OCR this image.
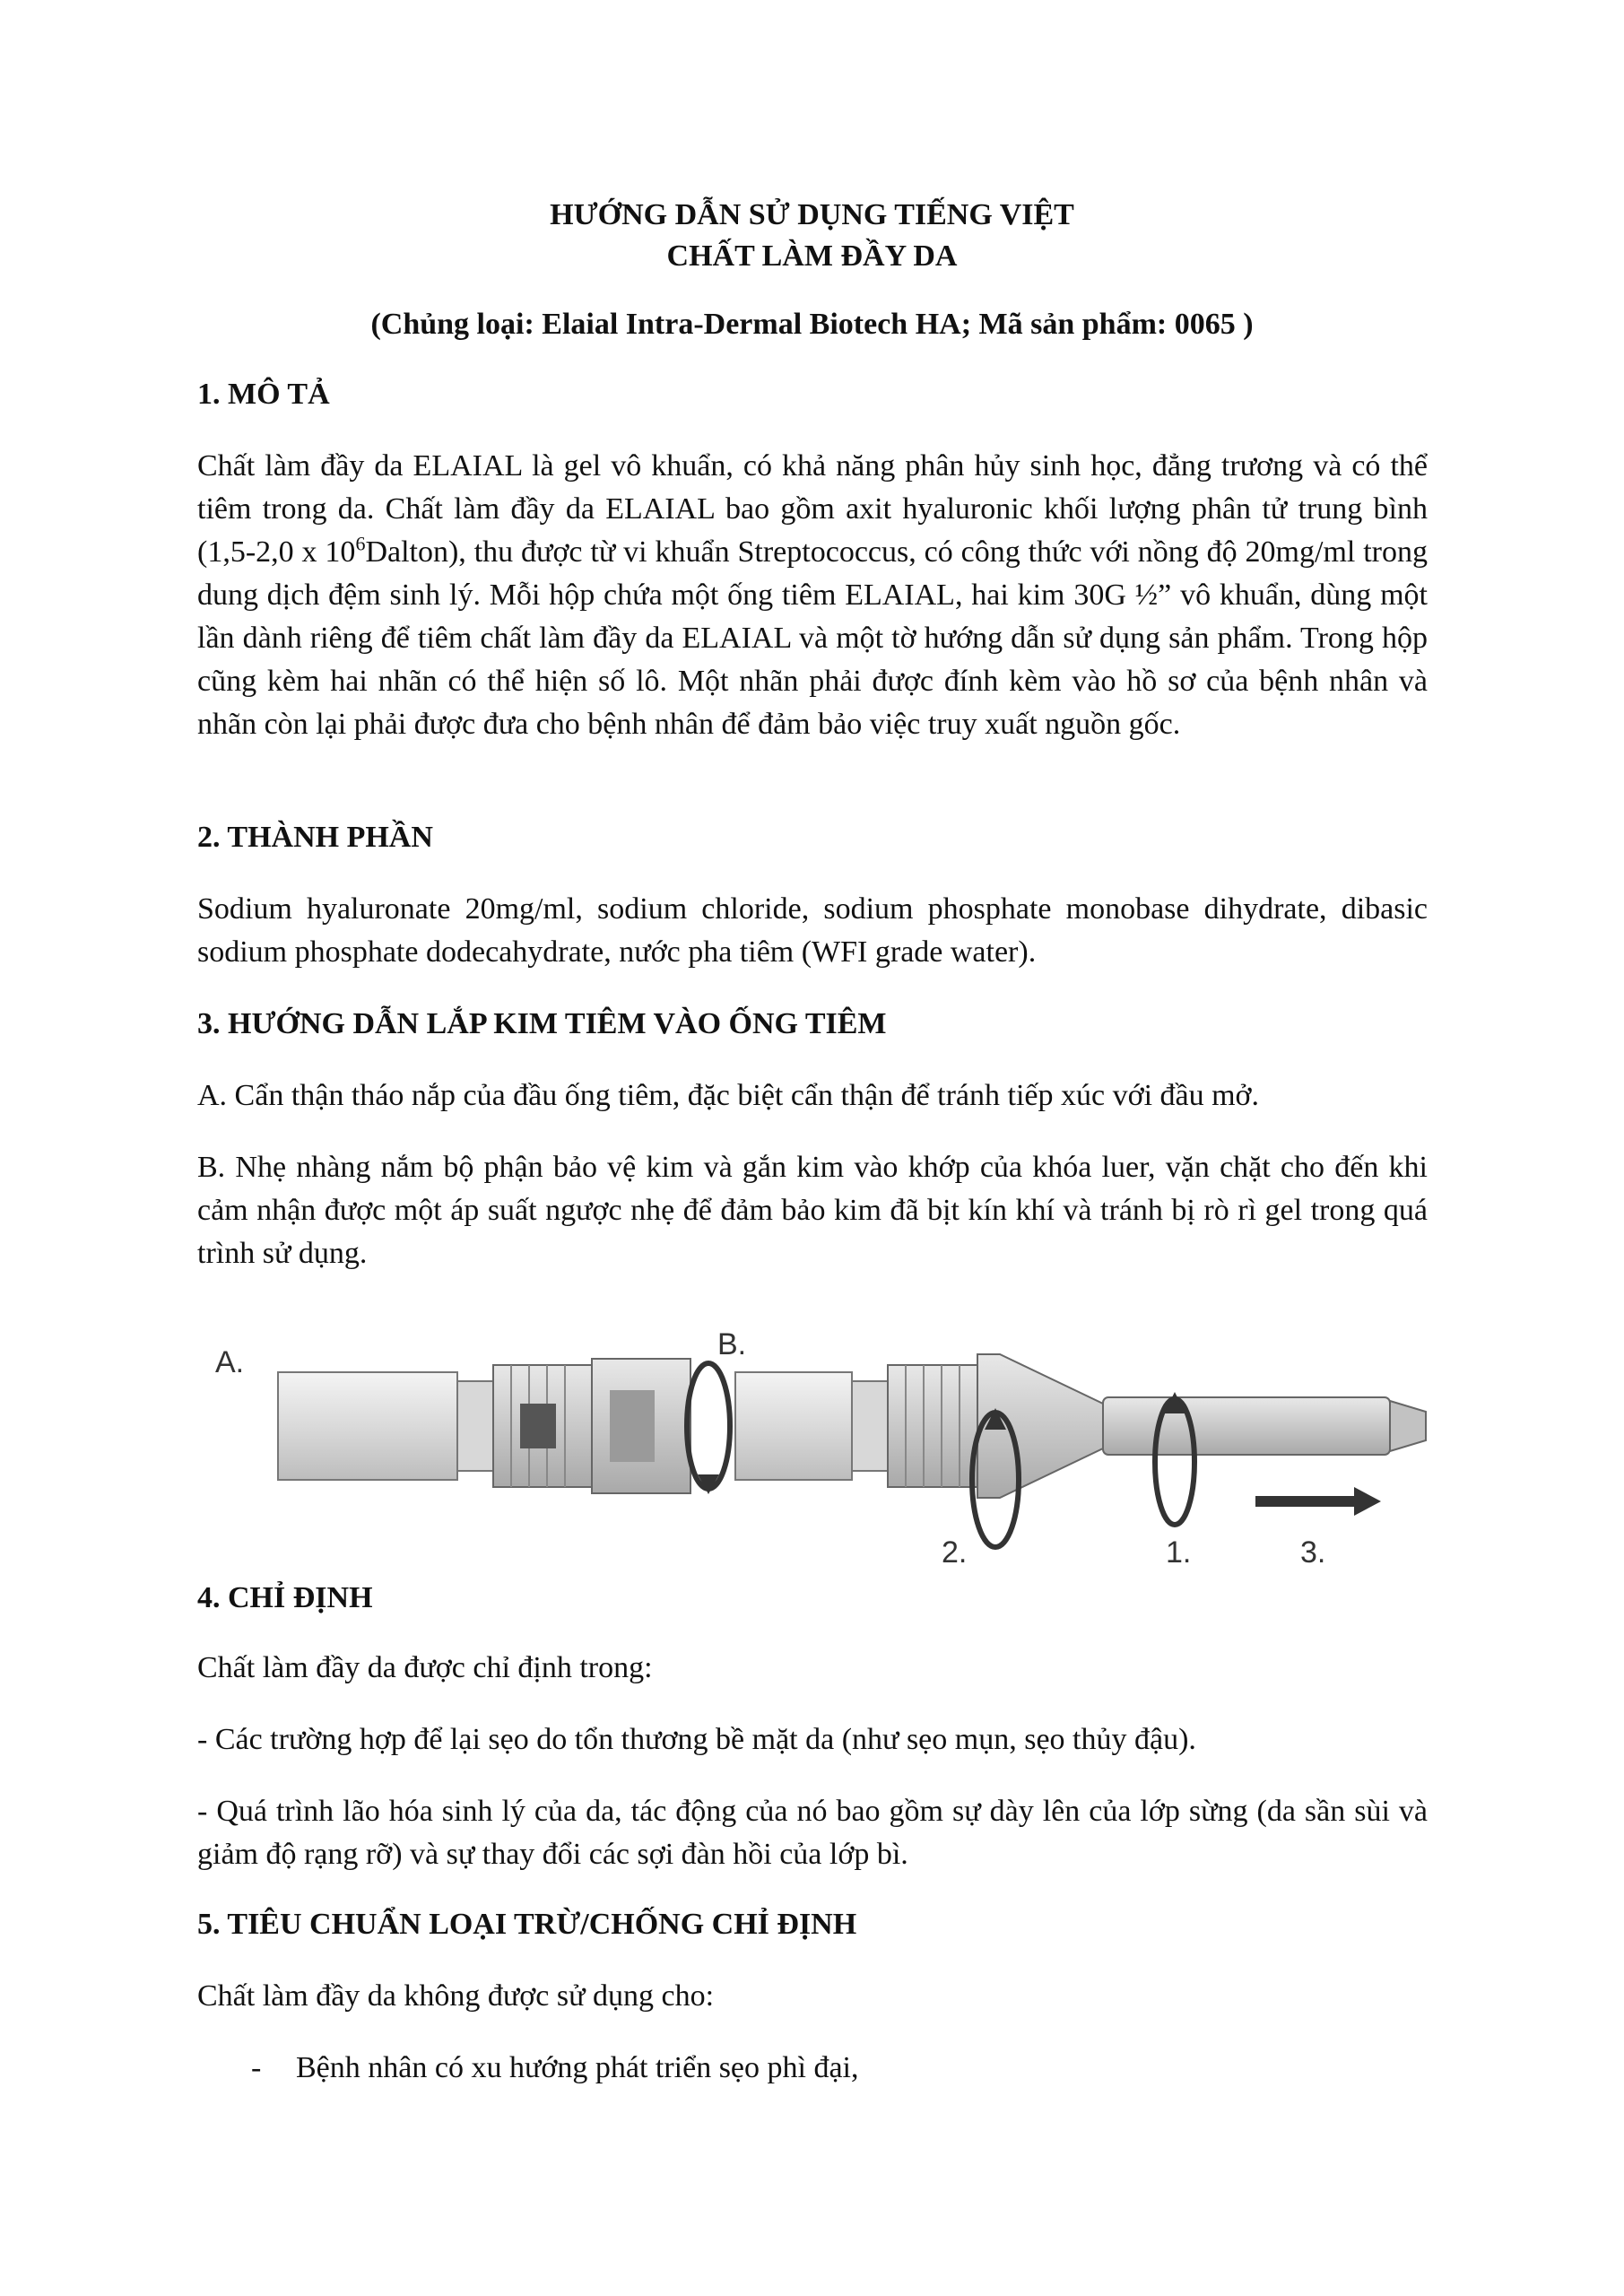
HƯỚNG DẪN SỬ DỤNG TIẾNG VIỆT
CHẤT LÀM ĐẦY DA
(Chủng loại: Elaial Intra-Dermal Biotech HA; Mã sản phẩm: 0065 )
1. MÔ TẢ

Chất làm đầy da ELAIAL là gel vô khuẩn, có khả năng phân hủy sinh học, đẳng trương và có thể tiêm trong da. Chất làm đầy da ELAIAL bao gồm axit hyaluronic khối lượng phân tử trung bình (1,5-2,0 x $10^6Dalton$), thu được từ vi khuẩn Streptococcus, có công thức với nồng độ 20mg/ml trong dung dịch đệm sinh lý. Mỗi hộp chứa một ống tiêm ELAIAL, hai kim 30G ½” vô khuẩn, dùng một lần dành riêng để tiêm chất làm đầy da ELAIAL và một tờ hướng dẫn sử dụng sản phẩm. Trong hộp cũng kèm hai nhãn có thể hiện số lô. Một nhãn phải được đính kèm vào hồ sơ của bệnh nhân và nhãn còn lại phải được đưa cho bệnh nhân để đảm bảo việc truy xuất nguồn gốc.

2. THÀNH PHẦN

Sodium hyaluronate 20mg/ml, sodium chloride, sodium phosphate monobase dihydrate, dibasic sodium phosphate dodecahydrate, nước pha tiêm (WFI grade water).

3. HƯỚNG DẪN LẮP KIM TIÊM VÀO ỐNG TIÊM

A. Cẩn thận tháo nắp của đầu ống tiêm, đặc biệt cẩn thận để tránh tiếp xúc với đầu mở.

B. Nhẹ nhàng nắm bộ phận bảo vệ kim và gắn kim vào khớp của khóa luer, vặn chặt cho đến khi cảm nhận được một áp suất ngược nhẹ để đảm bảo kim đã bịt kín khí và tránh bị rò rì gel trong quá trình sử dụng.

A.
B.
2.	1.	3.
4. CHỈ ĐỊNH

Chất làm đầy da được chỉ định trong:

- Các trường hợp để lại sẹo do tổn thương bề mặt da (như sẹo mụn, sẹo thủy đậu).

- Quá trình lão hóa sinh lý của da, tác động của nó bao gồm sự dày lên của lớp sừng (da sần sùi và giảm độ rạng rỡ) và sự thay đổi các sợi đàn hồi của lớp bì.

5. TIÊU CHUẨN LOẠI TRỪ/CHỐNG CHỈ ĐỊNH

Chất làm đầy da không được sử dụng cho:

- Bệnh nhân có xu hướng phát triển sẹo phì đại,
